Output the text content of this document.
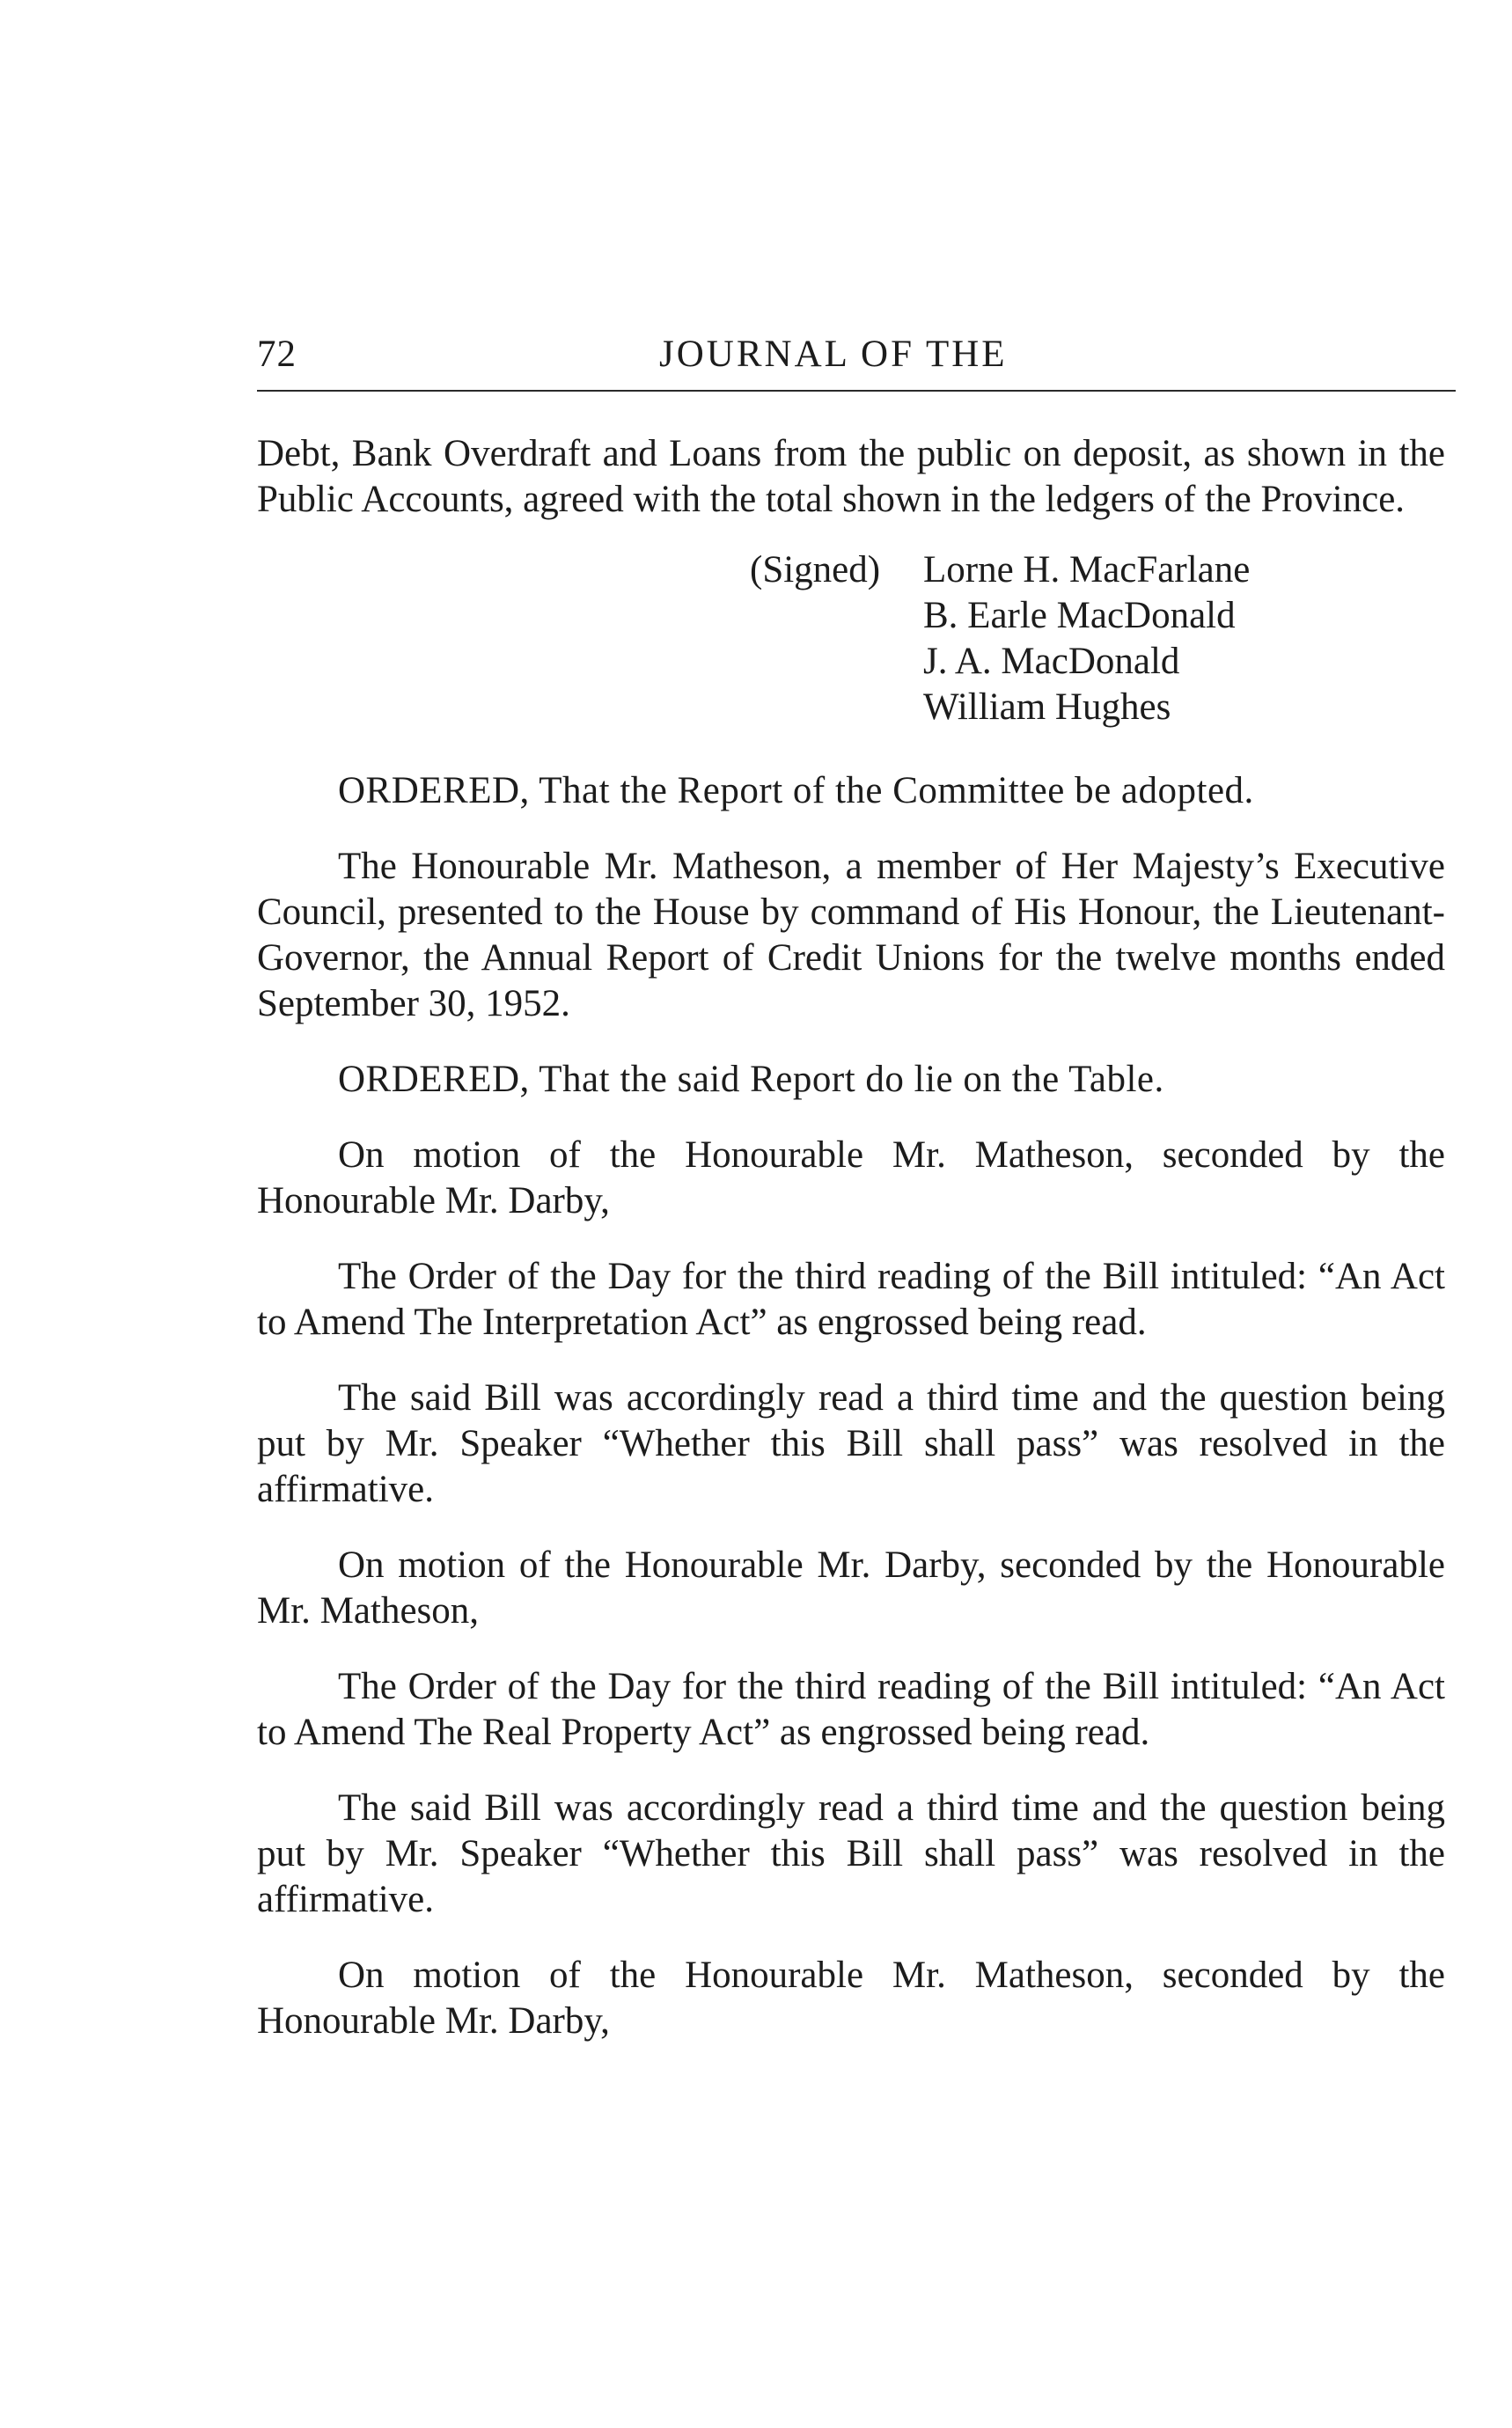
72	JOURNAL OF THE

Debt, Bank Overdraft and Loans from the public on deposit, as shown in the Public Accounts, agreed with the total shown in the ledgers of the Province.

(Signed) Lorne H. MacFarlane
B. Earle MacDonald
J. A. MacDonald
William Hughes

ORDERED, That the Report of the Committee be adopted.

The Honourable Mr. Matheson, a member of Her Majesty’s Executive Council, presented to the House by command of His Honour, the Lieutenant-Governor, the Annual Report of Credit Unions for the twelve months ended September 30, 1952.

ORDERED, That the said Report do lie on the Table.

On motion of the Honourable Mr. Matheson, seconded by the Honourable Mr. Darby,

The Order of the Day for the third reading of the Bill intituled: “An Act to Amend The Interpretation Act” as engrossed being read.

The said Bill was accordingly read a third time and the question being put by Mr. Speaker “Whether this Bill shall pass” was resolved in the affirmative.

On motion of the Honourable Mr. Darby, seconded by the Honourable Mr. Matheson,

The Order of the Day for the third reading of the Bill intituled: “An Act to Amend The Real Property Act” as engrossed being read.

The said Bill was accordingly read a third time and the question being put by Mr. Speaker “Whether this Bill shall pass” was resolved in the affirmative.

On motion of the Honourable Mr. Matheson, seconded by the Honourable Mr. Darby,
